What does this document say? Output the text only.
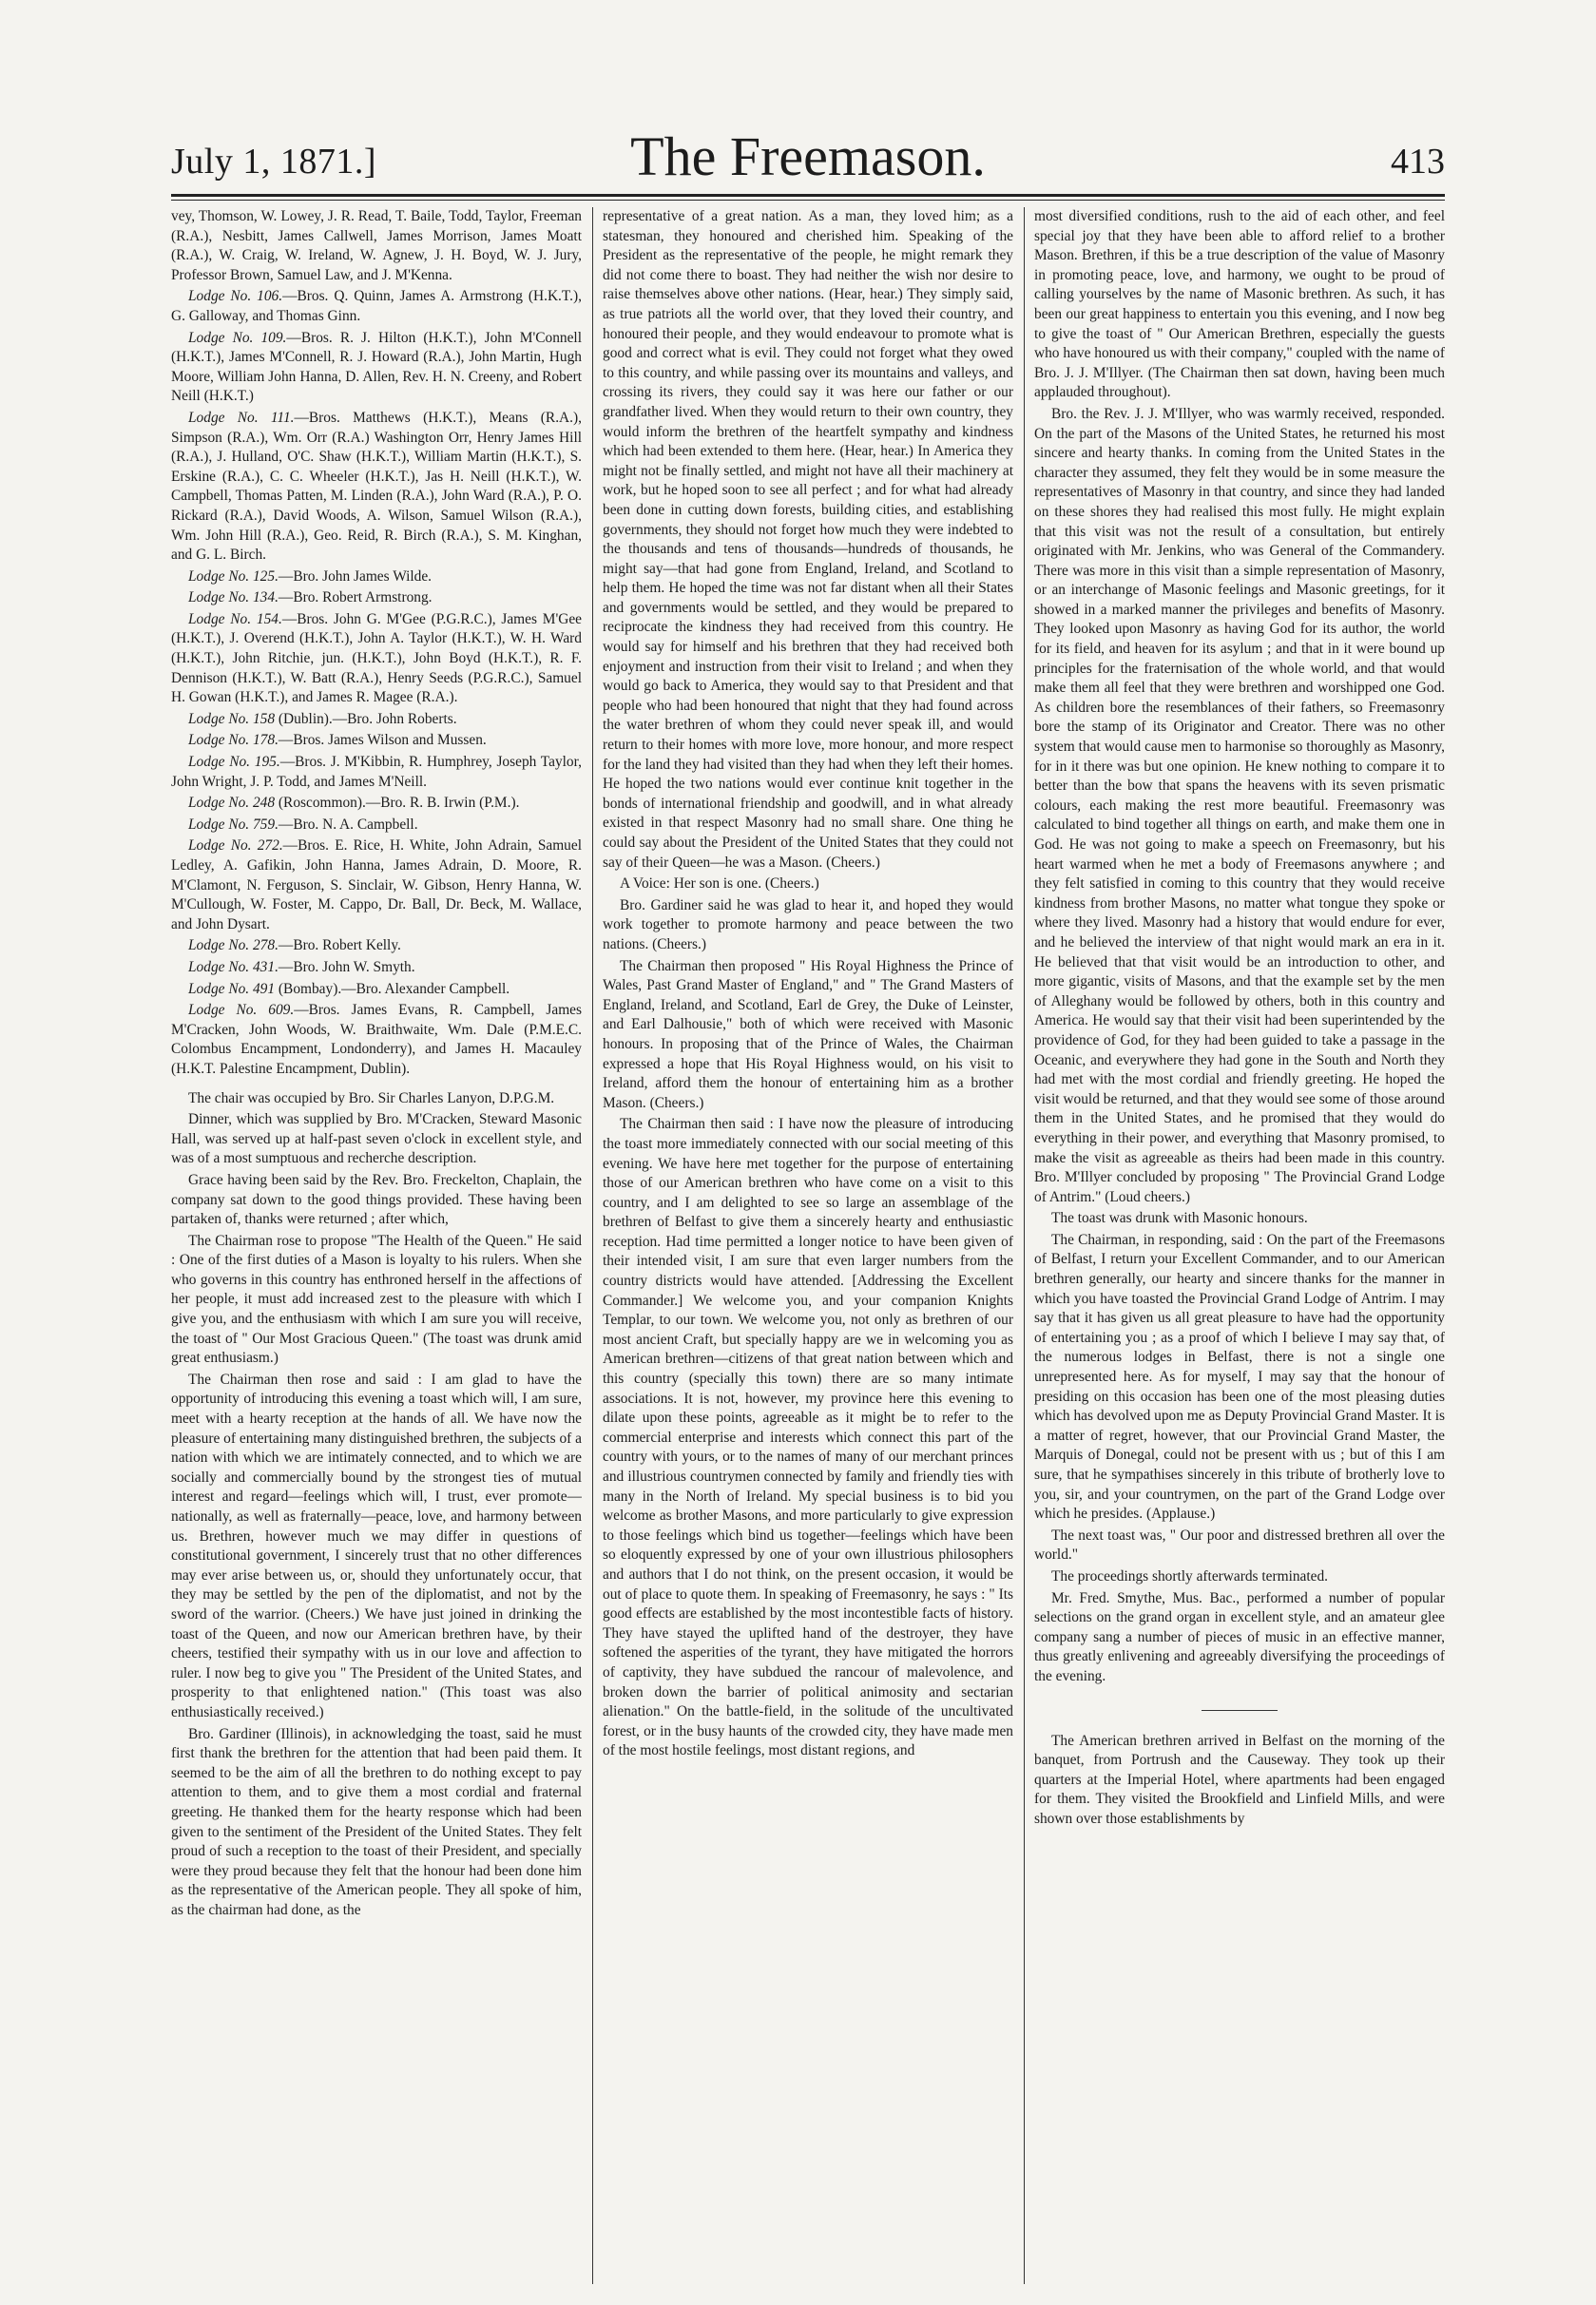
July 1, 1871.]	The Freemason.	413

vey, Thomson, W. Lowey, J. R. Read, T. Baile, Todd, Taylor, Freeman (R.A.), Nesbitt, James Callwell, James Morrison, James Moatt (R.A.), W. Craig, W. Ireland, W. Agnew, J. H. Boyd, W. J. Jury, Professor Brown, Samuel Law, and J. M'Kenna.

Lodge No. 106.—Bros. Q. Quinn, James A. Armstrong (H.K.T.), G. Galloway, and Thomas Ginn.

Lodge No. 109.—Bros. R. J. Hilton (H.K.T.), John M'Connell (H.K.T.), James M'Connell, R. J. Howard (R.A.), John Martin, Hugh Moore, William John Hanna, D. Allen, Rev. H. N. Creeny, and Robert Neill (H.K.T.)

Lodge No. 111.—Bros. Matthews (H.K.T.), Means (R.A.), Simpson (R.A.), Wm. Orr (R.A.) Washington Orr, Henry James Hill (R.A.), J. Hulland, O'C. Shaw (H.K.T.), William Martin (H.K.T.), S. Erskine (R.A.), C. C. Wheeler (H.K.T.), Jas H. Neill (H.K.T.), W. Campbell, Thomas Patten, M. Linden (R.A.), John Ward (R.A.), P. O. Rickard (R.A.), David Woods, A. Wilson, Samuel Wilson (R.A.), Wm. John Hill (R.A.), Geo. Reid, R. Birch (R.A.), S. M. Kinghan, and G. L. Birch.

Lodge No. 125.—Bro. John James Wilde.

Lodge No. 134.—Bro. Robert Armstrong.

Lodge No. 154.—Bros. John G. M'Gee (P.G.R.C.), James M'Gee (H.K.T.), J. Overend (H.K.T.), John A. Taylor (H.K.T.), W. H. Ward (H.K.T.), John Ritchie, jun. (H.K.T.), John Boyd (H.K.T.), R. F. Dennison (H.K.T.), W. Batt (R.A.), Henry Seeds (P.G.R.C.), Samuel H. Gowan (H.K.T.), and James R. Magee (R.A.).

Lodge No. 158 (Dublin).—Bro. John Roberts.

Lodge No. 178.—Bros. James Wilson and Mussen.

Lodge No. 195.—Bros. J. M'Kibbin, R. Humphrey, Joseph Taylor, John Wright, J. P. Todd, and James M'Neill.

Lodge No. 248 (Roscommon).—Bro. R. B. Irwin (P.M.).

Lodge No. 759.—Bro. N. A. Campbell.

Lodge No. 272.—Bros. E. Rice, H. White, John Adrain, Samuel Ledley, A. Gafikin, John Hanna, James Adrain, D. Moore, R. M'Clamont, N. Ferguson, S. Sinclair, W. Gibson, Henry Hanna, W. M'Cullough, W. Foster, M. Cappo, Dr. Ball, Dr. Beck, M. Wallace, and John Dysart.

Lodge No. 278.—Bro. Robert Kelly.

Lodge No. 431.—Bro. John W. Smyth.

Lodge No. 491 (Bombay).—Bro. Alexander Campbell.

Lodge No. 609.—Bros. James Evans, R. Campbell, James M'Cracken, John Woods, W. Braithwaite, Wm. Dale (P.M.E.C. Colombus Encampment, Londonderry), and James H. Macauley (H.K.T. Palestine Encampment, Dublin).

The chair was occupied by Bro. Sir Charles Lanyon, D.P.G.M.

Dinner, which was supplied by Bro. M'Cracken, Steward Masonic Hall, was served up at half-past seven o'clock in excellent style, and was of a most sumptuous and recherche description.

Grace having been said by the Rev. Bro. Freckelton, Chaplain, the company sat down to the good things provided. These having been partaken of, thanks were returned ; after which,

The Chairman rose to propose "The Health of the Queen." He said : One of the first duties of a Mason is loyalty to his rulers. When she who governs in this country has enthroned herself in the affections of her people, it must add increased zest to the pleasure with which I give you, and the enthusiasm with which I am sure you will receive, the toast of " Our Most Gracious Queen." (The toast was drunk amid great enthusiasm.)

The Chairman then rose and said : I am glad to have the opportunity of introducing this evening a toast which will, I am sure, meet with a hearty reception at the hands of all. We have now the pleasure of entertaining many distinguished brethren, the subjects of a nation with which we are intimately connected, and to which we are socially and commercially bound by the strongest ties of mutual interest and regard—feelings which will, I trust, ever promote—nationally, as well as fraternally—peace, love, and harmony between us. Brethren, however much we may differ in questions of constitutional government, I sincerely trust that no other differences may ever arise between us, or, should they unfortunately occur, that they may be settled by the pen of the diplomatist, and not by the sword of the warrior. (Cheers.) We have just joined in drinking the toast of the Queen, and now our American brethren have, by their cheers, testified their sympathy with us in our love and affection to ruler. I now beg to give you " The President of the United States, and prosperity to that enlightened nation." (This toast was also enthusiastically received.)

Bro. Gardiner (Illinois), in acknowledging the toast, said he must first thank the brethren for the attention that had been paid them. It seemed to be the aim of all the brethren to do nothing except to pay attention to them, and to give them a most cordial and fraternal greeting. He thanked them for the hearty response which had been given to the sentiment of the President of the United States. They felt proud of such a reception to the toast of their President, and specially were they proud because they felt that the honour had been done him as the representative of the American people. They all spoke of him, as the chairman had done, as the

representative of a great nation. As a man, they loved him; as a statesman, they honoured and cherished him. Speaking of the President as the representative of the people, he might remark they did not come there to boast. They had neither the wish nor desire to raise themselves above other nations. (Hear, hear.) They simply said, as true patriots all the world over, that they loved their country, and honoured their people, and they would endeavour to promote what is good and correct what is evil. They could not forget what they owed to this country, and while passing over its mountains and valleys, and crossing its rivers, they could say it was here our father or our grandfather lived. When they would return to their own country, they would inform the brethren of the heartfelt sympathy and kindness which had been extended to them here. (Hear, hear.) In America they might not be finally settled, and might not have all their machinery at work, but he hoped soon to see all perfect ; and for what had already been done in cutting down forests, building cities, and establishing governments, they should not forget how much they were indebted to the thousands and tens of thousands—hundreds of thousands, he might say—that had gone from England, Ireland, and Scotland to help them. He hoped the time was not far distant when all their States and governments would be settled, and they would be prepared to reciprocate the kindness they had received from this country. He would say for himself and his brethren that they had received both enjoyment and instruction from their visit to Ireland ; and when they would go back to America, they would say to that President and that people who had been honoured that night that they had found across the water brethren of whom they could never speak ill, and would return to their homes with more love, more honour, and more respect for the land they had visited than they had when they left their homes. He hoped the two nations would ever continue knit together in the bonds of international friendship and goodwill, and in what already existed in that respect Masonry had no small share. One thing he could say about the President of the United States that they could not say of their Queen—he was a Mason. (Cheers.)

A Voice: Her son is one. (Cheers.)

Bro. Gardiner said he was glad to hear it, and hoped they would work together to promote harmony and peace between the two nations. (Cheers.)

The Chairman then proposed " His Royal Highness the Prince of Wales, Past Grand Master of England," and " The Grand Masters of England, Ireland, and Scotland, Earl de Grey, the Duke of Leinster, and Earl Dalhousie," both of which were received with Masonic honours. In proposing that of the Prince of Wales, the Chairman expressed a hope that His Royal Highness would, on his visit to Ireland, afford them the honour of entertaining him as a brother Mason. (Cheers.)

The Chairman then said : I have now the pleasure of introducing the toast more immediately connected with our social meeting of this evening. We have here met together for the purpose of entertaining those of our American brethren who have come on a visit to this country, and I am delighted to see so large an assemblage of the brethren of Belfast to give them a sincerely hearty and enthusiastic reception. Had time permitted a longer notice to have been given of their intended visit, I am sure that even larger numbers from the country districts would have attended. [Addressing the Excellent Commander.] We welcome you, and your companion Knights Templar, to our town. We welcome you, not only as brethren of our most ancient Craft, but specially happy are we in welcoming you as American brethren—citizens of that great nation between which and this country (specially this town) there are so many intimate associations. It is not, however, my province here this evening to dilate upon these points, agreeable as it might be to refer to the commercial enterprise and interests which connect this part of the country with yours, or to the names of many of our merchant princes and illustrious countrymen connected by family and friendly ties with many in the North of Ireland. My special business is to bid you welcome as brother Masons, and more particularly to give expression to those feelings which bind us together—feelings which have been so eloquently expressed by one of your own illustrious philosophers and authors that I do not think, on the present occasion, it would be out of place to quote them. In speaking of Freemasonry, he says : " Its good effects are established by the most incontestible facts of history. They have stayed the uplifted hand of the destroyer, they have softened the asperities of the tyrant, they have mitigated the horrors of captivity, they have subdued the rancour of malevolence, and broken down the barrier of political animosity and sectarian alienation." On the battle-field, in the solitude of the uncultivated forest, or in the busy haunts of the crowded city, they have made men of the most hostile feelings, most distant regions, and

most diversified conditions, rush to the aid of each other, and feel special joy that they have been able to afford relief to a brother Mason. Brethren, if this be a true description of the value of Masonry in promoting peace, love, and harmony, we ought to be proud of calling yourselves by the name of Masonic brethren. As such, it has been our great happiness to entertain you this evening, and I now beg to give the toast of " Our American Brethren, especially the guests who have honoured us with their company," coupled with the name of Bro. J. J. M'Illyer. (The Chairman then sat down, having been much applauded throughout).

Bro. the Rev. J. J. M'Illyer, who was warmly received, responded. On the part of the Masons of the United States, he returned his most sincere and hearty thanks. In coming from the United States in the character they assumed, they felt they would be in some measure the representatives of Masonry in that country, and since they had landed on these shores they had realised this most fully. He might explain that this visit was not the result of a consultation, but entirely originated with Mr. Jenkins, who was General of the Commandery. There was more in this visit than a simple representation of Masonry, or an interchange of Masonic feelings and Masonic greetings, for it showed in a marked manner the privileges and benefits of Masonry. They looked upon Masonry as having God for its author, the world for its field, and heaven for its asylum ; and that in it were bound up principles for the fraternisation of the whole world, and that would make them all feel that they were brethren and worshipped one God. As children bore the resemblances of their fathers, so Freemasonry bore the stamp of its Originator and Creator. There was no other system that would cause men to harmonise so thoroughly as Masonry, for in it there was but one opinion. He knew nothing to compare it to better than the bow that spans the heavens with its seven prismatic colours, each making the rest more beautiful. Freemasonry was calculated to bind together all things on earth, and make them one in God. He was not going to make a speech on Freemasonry, but his heart warmed when he met a body of Freemasons anywhere ; and they felt satisfied in coming to this country that they would receive kindness from brother Masons, no matter what tongue they spoke or where they lived. Masonry had a history that would endure for ever, and he believed the interview of that night would mark an era in it. He believed that that visit would be an introduction to other, and more gigantic, visits of Masons, and that the example set by the men of Alleghany would be followed by others, both in this country and America. He would say that their visit had been superintended by the providence of God, for they had been guided to take a passage in the Oceanic, and everywhere they had gone in the South and North they had met with the most cordial and friendly greeting. He hoped the visit would be returned, and that they would see some of those around them in the United States, and he promised that they would do everything in their power, and everything that Masonry promised, to make the visit as agreeable as theirs had been made in this country. Bro. M'Illyer concluded by proposing " The Provincial Grand Lodge of Antrim." (Loud cheers.)

The toast was drunk with Masonic honours.

The Chairman, in responding, said : On the part of the Freemasons of Belfast, I return your Excellent Commander, and to our American brethren generally, our hearty and sincere thanks for the manner in which you have toasted the Provincial Grand Lodge of Antrim. I may say that it has given us all great pleasure to have had the opportunity of entertaining you ; as a proof of which I believe I may say that, of the numerous lodges in Belfast, there is not a single one unrepresented here. As for myself, I may say that the honour of presiding on this occasion has been one of the most pleasing duties which has devolved upon me as Deputy Provincial Grand Master. It is a matter of regret, however, that our Provincial Grand Master, the Marquis of Donegal, could not be present with us ; but of this I am sure, that he sympathises sincerely in this tribute of brotherly love to you, sir, and your countrymen, on the part of the Grand Lodge over which he presides. (Applause.)

The next toast was, " Our poor and distressed brethren all over the world."

The proceedings shortly afterwards terminated.

Mr. Fred. Smythe, Mus. Bac., performed a number of popular selections on the grand organ in excellent style, and an amateur glee company sang a number of pieces of music in an effective manner, thus greatly enlivening and agreeably diversifying the proceedings of the evening.

The American brethren arrived in Belfast on the morning of the banquet, from Portrush and the Causeway. They took up their quarters at the Imperial Hotel, where apartments had been engaged for them. They visited the Brookfield and Linfield Mills, and were shown over those establishments by
